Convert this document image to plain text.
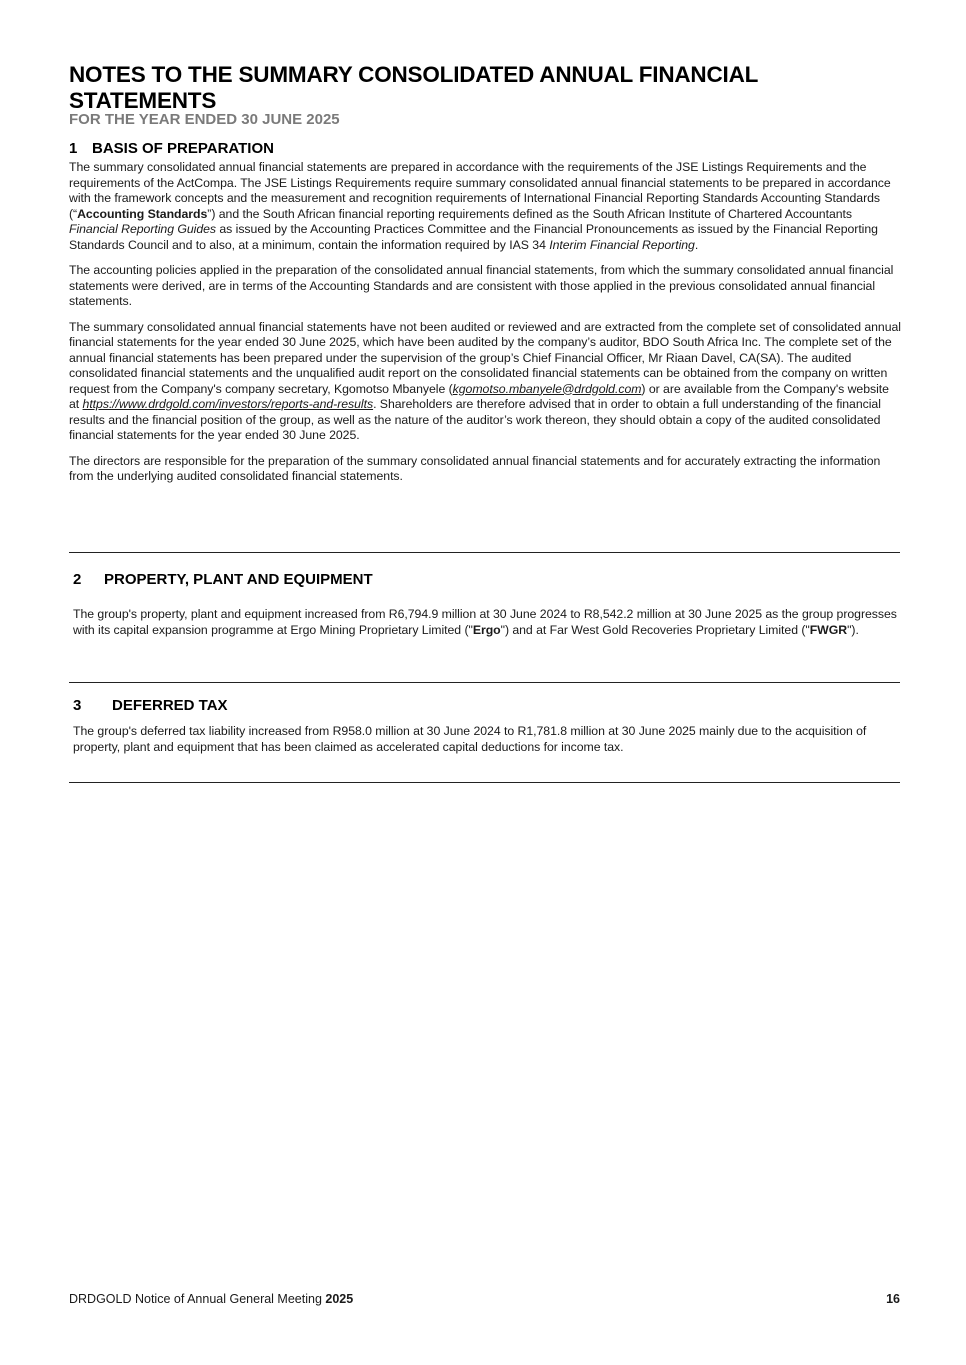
NOTES TO THE SUMMARY CONSOLIDATED ANNUAL FINANCIAL STATEMENTS
FOR THE YEAR ENDED 30 JUNE 2025
1 BASIS OF PREPARATION

The summary consolidated annual financial statements are prepared in accordance with the requirements of the JSE Listings Requirements and the requirements of the ActCompa. The JSE Listings Requirements require summary consolidated annual financial statements to be prepared in accordance with the framework concepts and the measurement and recognition requirements of International Financial Reporting Standards Accounting Standards (“Accounting Standards”) and the South African financial reporting requirements defined as the South African Institute of Chartered Accountants Financial Reporting Guides as issued by the Accounting Practices Committee and the Financial Pronouncements as issued by the Financial Reporting Standards Council and to also, at a minimum, contain the information required by IAS 34 Interim Financial Reporting.

The accounting policies applied in the preparation of the consolidated annual financial statements, from which the summary consolidated annual financial statements were derived, are in terms of the Accounting Standards and are consistent with those applied in the previous consolidated annual financial statements.

The summary consolidated annual financial statements have not been audited or reviewed and are extracted from the complete set of consolidated annual financial statements for the year ended 30 June 2025, which have been audited by the company’s auditor, BDO South Africa Inc. The complete set of the annual financial statements has been prepared under the supervision of the group’s Chief Financial Officer, Mr Riaan Davel, CA(SA). The audited consolidated financial statements and the unqualified audit report on the consolidated financial statements can be obtained from the company on written request from the Company's company secretary, Kgomotso Mbanyele (kgomotso.mbanyele@drdgold.com) or are available from the Company's website at https://www.drdgold.com/investors/reports-and-results. Shareholders are therefore advised that in order to obtain a full understanding of the financial results and the financial position of the group, as well as the nature of the auditor’s work thereon, they should obtain a copy of the audited consolidated financial statements for the year ended 30 June 2025.

The directors are responsible for the preparation of the summary consolidated annual financial statements and for accurately extracting the information from the underlying audited consolidated financial statements.

2 PROPERTY, PLANT AND EQUIPMENT

The group's property, plant and equipment increased from R6,794.9 million at 30 June 2024 to R8,542.2 million at 30 June 2025 as the group progresses with its capital expansion programme at Ergo Mining Proprietary Limited ("Ergo") and at Far West Gold Recoveries Proprietary Limited ("FWGR").

3 DEFERRED TAX

The group's deferred tax liability increased from R958.0 million at 30 June 2024 to R1,781.8 million at 30 June 2025 mainly due to the acquisition of property, plant and equipment that has been claimed as accelerated capital deductions for income tax.

DRDGOLD Notice of Annual General Meeting 2025	16
